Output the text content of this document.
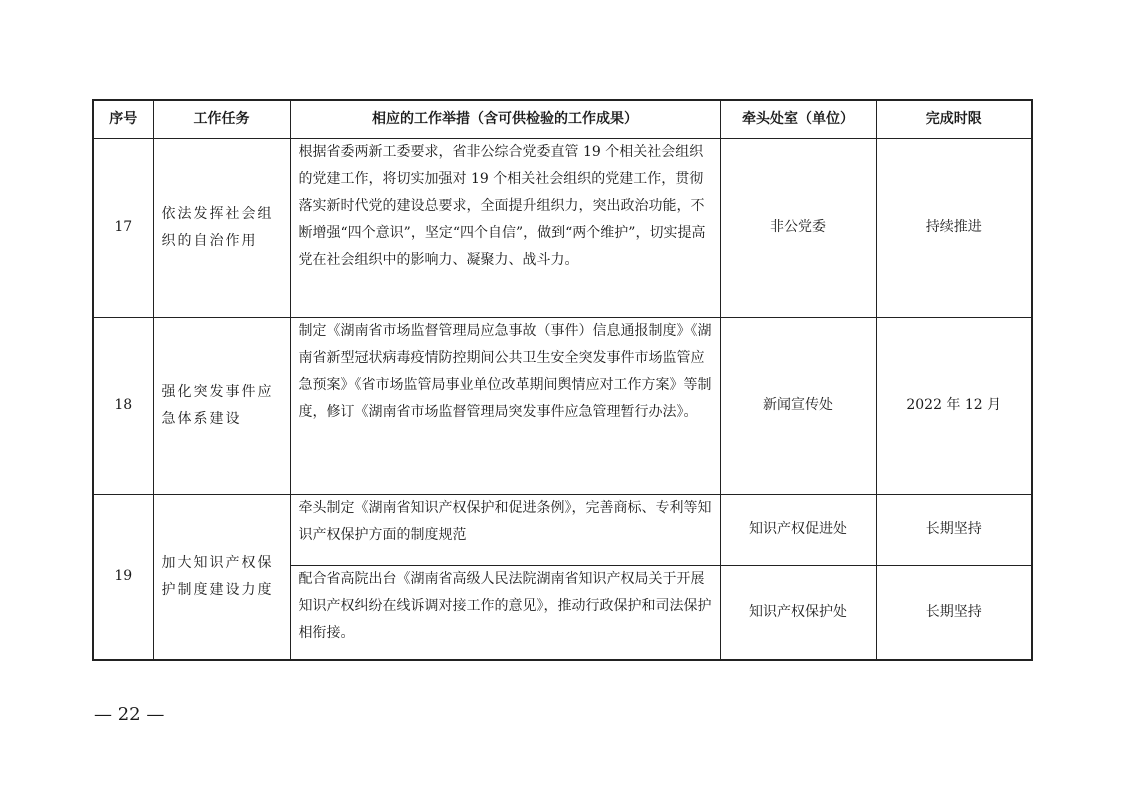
序号	工作任务	相应的工作举措（含可供检验的工作成果）	牵头处室（单位）	完成时限
17	依法发挥社会组织的自治作用	根据省委两新工委要求，省非公综合党委直管 19 个相关社会组织的党建工作，将切实加强对 19 个相关社会组织的党建工作，贯彻落实新时代党的建设总要求，全面提升组织力，突出政治功能，不断增强“四个意识”，坚定“四个自信”，做到“两个维护”，切实提高党在社会组织中的影响力、凝聚力、战斗力。	非公党委	持续推进
18	强化突发事件应急体系建设	制定《湖南省市场监督管理局应急事故（事件）信息通报制度》《湖南省新型冠状病毒疫情防控期间公共卫生安全突发事件市场监管应急预案》《省市场监管局事业单位改革期间舆情应对工作方案》等制度，修订《湖南省市场监督管理局突发事件应急管理暂行办法》。	新闻宣传处	2022 年 12 月
19	加大知识产权保护制度建设力度	牵头制定《湖南省知识产权保护和促进条例》，完善商标、专利等知识产权保护方面的制度规范	知识产权促进处	长期坚持
		配合省高院出台《湖南省高级人民法院湖南省知识产权局关于开展知识产权纠纷在线诉调对接工作的意见》，推动行政保护和司法保护相衔接。	知识产权保护处	长期坚持
— 22 —
